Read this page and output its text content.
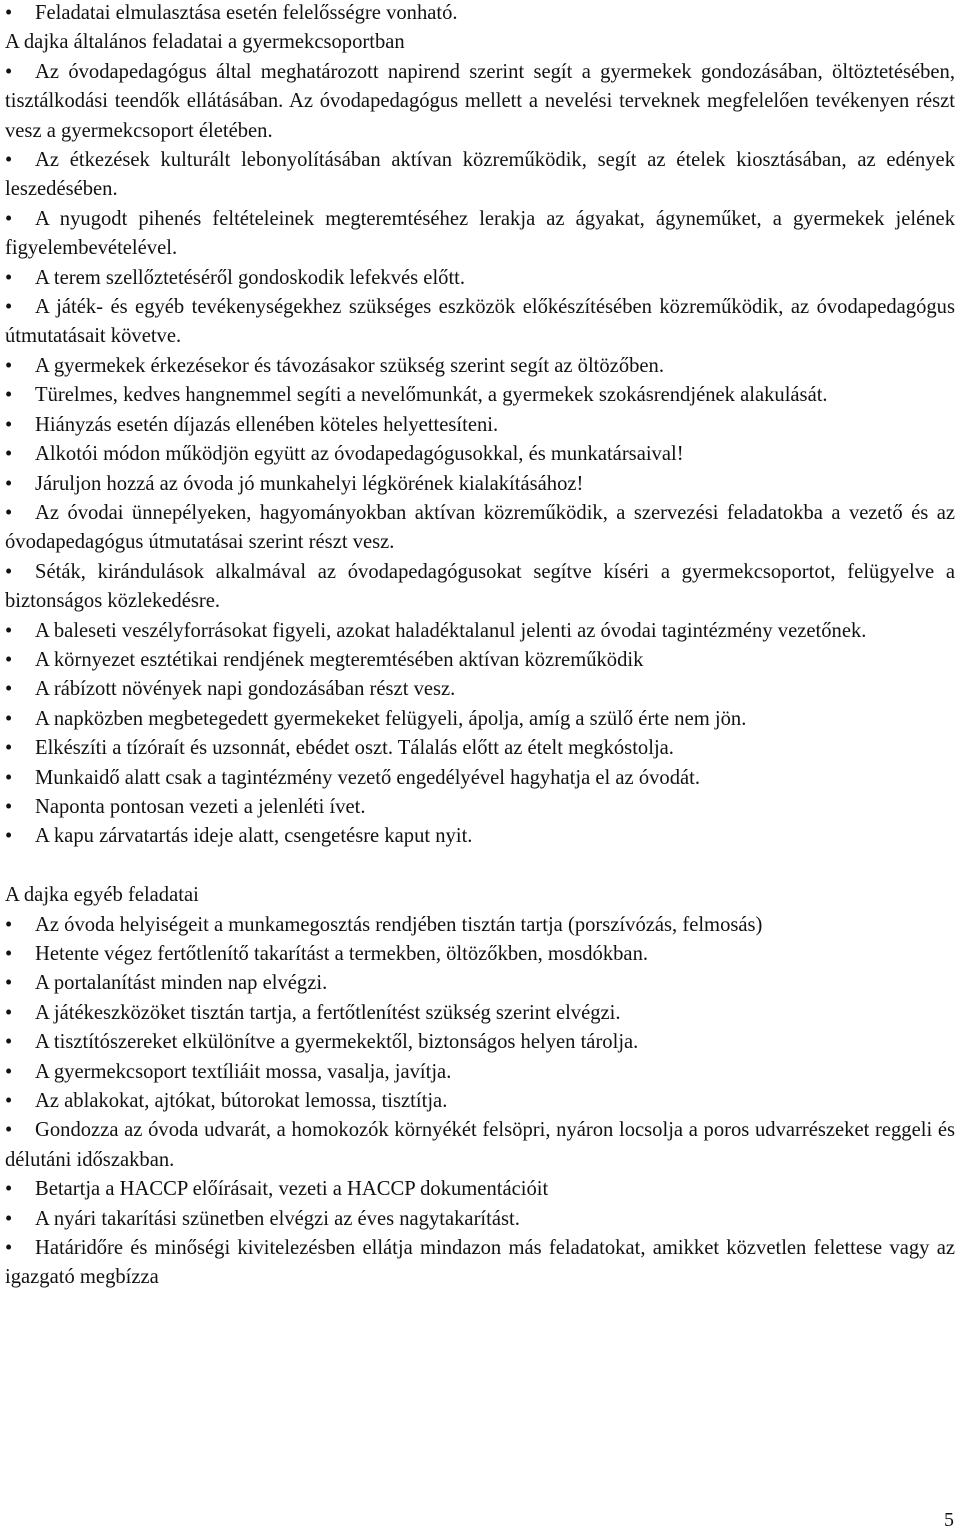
• Feladatai elmulasztása esetén felelősségre vonható.

A dajka általános feladatai a gyermekcsoportban

• Az óvodapedagógus által meghatározott napirend szerint segít a gyermekek gondozásában, öltöztetésében, tisztálkodási teendők ellátásában. Az óvodapedagógus mellett a nevelési terveknek megfelelően tevékenyen részt vesz a gyermekcsoport életében.

• Az étkezések kulturált lebonyolításában aktívan közreműködik, segít az ételek kiosztásában, az edények leszedésében.

• A nyugodt pihenés feltételeinek megteremtéséhez lerakja az ágyakat, ágyneműket, a gyermekek jelének figyelembevételével.

• A terem szellőztetéséről gondoskodik lefekvés előtt.

• A játék- és egyéb tevékenységekhez szükséges eszközök előkészítésében közreműködik, az óvodapedagógus útmutatásait követve.

• A gyermekek érkezésekor és távozásakor szükség szerint segít az öltözőben.

• Türelmes, kedves hangnemmel segíti a nevelőmunkát, a gyermekek szokásrendjének alakulását.

• Hiányzás esetén díjazás ellenében köteles helyettesíteni.

• Alkotói módon működjön együtt az óvodapedagógusokkal, és munkatársaival!

• Járuljon hozzá az óvoda jó munkahelyi légkörének kialakításához!

• Az óvodai ünnepélyeken, hagyományokban aktívan közreműködik, a szervezési feladatokba a vezető és az óvodapedagógus útmutatásai szerint részt vesz.

• Séták, kirándulások alkalmával az óvodapedagógusokat segítve kíséri a gyermekcsoportot, felügyelve a biztonságos közlekedésre.

• A baleseti veszélyforrásokat figyeli, azokat haladéktalanul jelenti az óvodai tagintézmény vezetőnek.

• A környezet esztétikai rendjének megteremtésében aktívan közreműködik

• A rábízott növények napi gondozásában részt vesz.

• A napközben megbetegedett gyermekeket felügyeli, ápolja, amíg a szülő érte nem jön.

• Elkészíti a tízóraít és uzsonnát, ebédet oszt. Tálalás előtt az ételt megkóstolja.

• Munkaidő alatt csak a tagintézmény vezető engedélyével hagyhatja el az óvodát.

• Naponta pontosan vezeti a jelenléti ívet.

• A kapu zárvatartás ideje alatt, csengetésre kaput nyit.

A dajka egyéb feladatai

• Az óvoda helyiségeit a munkamegosztás rendjében tisztán tartja (porszívózás, felmosás)

• Hetente végez fertőtlenítő takarítást a termekben, öltözőkben, mosdókban.

• A portalanítást minden nap elvégzi.

• A játékeszközöket tisztán tartja, a fertőtlenítést szükség szerint elvégzi.

• A tisztítószereket elkülönítve a gyermekektől, biztonságos helyen tárolja.

• A gyermekcsoport textíliáit mossa, vasalja, javítja.

• Az ablakokat, ajtókat, bútorokat lemossa, tisztítja.

• Gondozza az óvoda udvarát, a homokozók környékét felsöpri, nyáron locsolja a poros udvarrészeket reggeli és délutáni időszakban.

• Betartja a HACCP előírásait, vezeti a HACCP dokumentációit

• A nyári takarítási szünetben elvégzi az éves nagytakarítást.

• Határidőre és minőségi kivitelezésben ellátja mindazon más feladatokat, amikket közvetlen felettese vagy az igazgató megbízza

5
